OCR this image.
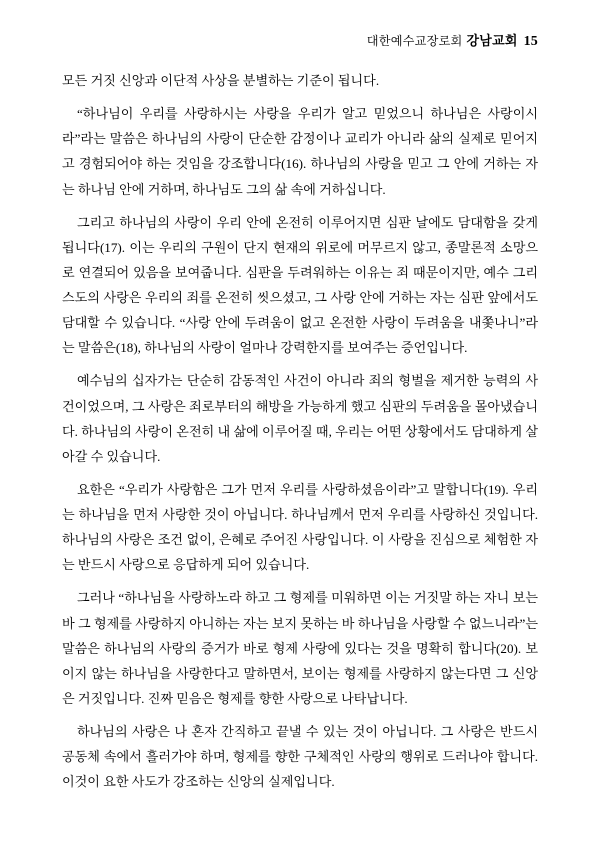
대한예수교장로회 강남교회 15

모든 거짓 신앙과 이단적 사상을 분별하는 기준이 됩니다.

“하나님이 우리를 사랑하시는 사랑을 우리가 알고 믿었으니 하나님은 사랑이시라”라는 말씀은 하나님의 사랑이 단순한 감정이나 교리가 아니라 삶의 실제로 믿어지고 경험되어야 하는 것임을 강조합니다(16). 하나님의 사랑을 믿고 그 안에 거하는 자는 하나님 안에 거하며, 하나님도 그의 삶 속에 거하십니다.

그리고 하나님의 사랑이 우리 안에 온전히 이루어지면 심판 날에도 담대함을 갖게 됩니다(17). 이는 우리의 구원이 단지 현재의 위로에 머무르지 않고, 종말론적 소망으로 연결되어 있음을 보여줍니다. 심판을 두려워하는 이유는 죄 때문이지만, 예수 그리스도의 사랑은 우리의 죄를 온전히 씻으셨고, 그 사랑 안에 거하는 자는 심판 앞에서도 담대할 수 있습니다. “사랑 안에 두려움이 없고 온전한 사랑이 두려움을 내쫓나니”라는 말씀은(18), 하나님의 사랑이 얼마나 강력한지를 보여주는 증언입니다.

예수님의 십자가는 단순히 감동적인 사건이 아니라 죄의 형벌을 제거한 능력의 사건이었으며, 그 사랑은 죄로부터의 해방을 가능하게 했고 심판의 두려움을 몰아냈습니다. 하나님의 사랑이 온전히 내 삶에 이루어질 때, 우리는 어떤 상황에서도 담대하게 살아갈 수 있습니다.

요한은 “우리가 사랑함은 그가 먼저 우리를 사랑하셨음이라”고 말합니다(19). 우리는 하나님을 먼저 사랑한 것이 아닙니다. 하나님께서 먼저 우리를 사랑하신 것입니다. 하나님의 사랑은 조건 없이, 은혜로 주어진 사랑입니다. 이 사랑을 진심으로 체험한 자는 반드시 사랑으로 응답하게 되어 있습니다.

그러나 “하나님을 사랑하노라 하고 그 형제를 미워하면 이는 거짓말 하는 자니 보는 바 그 형제를 사랑하지 아니하는 자는 보지 못하는 바 하나님을 사랑할 수 없느니라”는 말씀은 하나님의 사랑의 증거가 바로 형제 사랑에 있다는 것을 명확히 합니다(20). 보이지 않는 하나님을 사랑한다고 말하면서, 보이는 형제를 사랑하지 않는다면 그 신앙은 거짓입니다. 진짜 믿음은 형제를 향한 사랑으로 나타납니다.

하나님의 사랑은 나 혼자 간직하고 끝낼 수 있는 것이 아닙니다. 그 사랑은 반드시 공동체 속에서 흘러가야 하며, 형제를 향한 구체적인 사랑의 행위로 드러나야 합니다. 이것이 요한 사도가 강조하는 신앙의 실제입니다.
